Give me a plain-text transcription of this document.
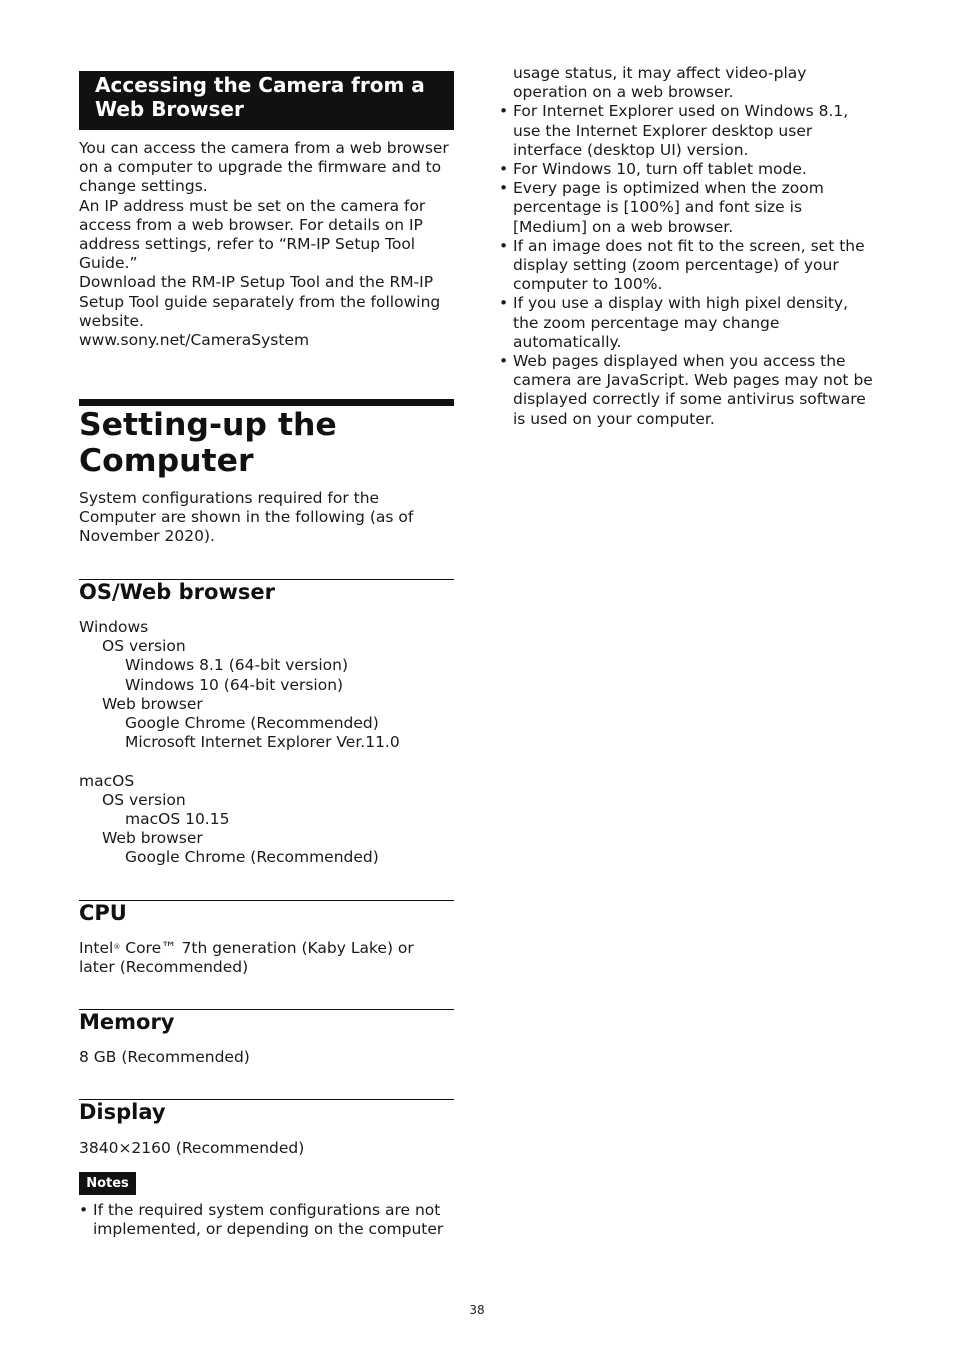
Accessing the Camera from a Web Browser

You can access the camera from a web browser on a computer to upgrade the firmware and to change settings.

An IP address must be set on the camera for access from a web browser. For details on IP address settings, refer to “RM-IP Setup Tool Guide.”

Download the RM-IP Setup Tool and the RM-IP Setup Tool guide separately from the following website.

www.sony.net/CameraSystem

Setting-up the Computer
System configurations required for the Computer are shown in the following (as of November 2020).
OS/Web browser

Windows

OS version

Windows 8.1 (64-bit version)

Windows 10 (64-bit version)

Web browser

Google Chrome (Recommended)

Microsoft Internet Explorer Ver.11.0

macOS

OS version

macOS 10.15

Web browser

Google Chrome (Recommended)

CPU
Intel® Core™ 7th generation (Kaby Lake) or later (Recommended)
Memory
8 GB (Recommended)
Display
3840×2160 (Recommended)
Notes
• If the required system configurations are not implemented, or depending on the computer
usage status, it may affect video-play operation on a web browser.
• For Internet Explorer used on Windows 8.1, use the Internet Explorer desktop user interface (desktop UI) version.
• For Windows 10, turn off tablet mode.
• Every page is optimized when the zoom percentage is [100%] and font size is [Medium] on a web browser.
• If an image does not fit to the screen, set the display setting (zoom percentage) of your computer to 100%.
• If you use a display with high pixel density, the zoom percentage may change automatically.
• Web pages displayed when you access the camera are JavaScript. Web pages may not be displayed correctly if some antivirus software is used on your computer.
38
